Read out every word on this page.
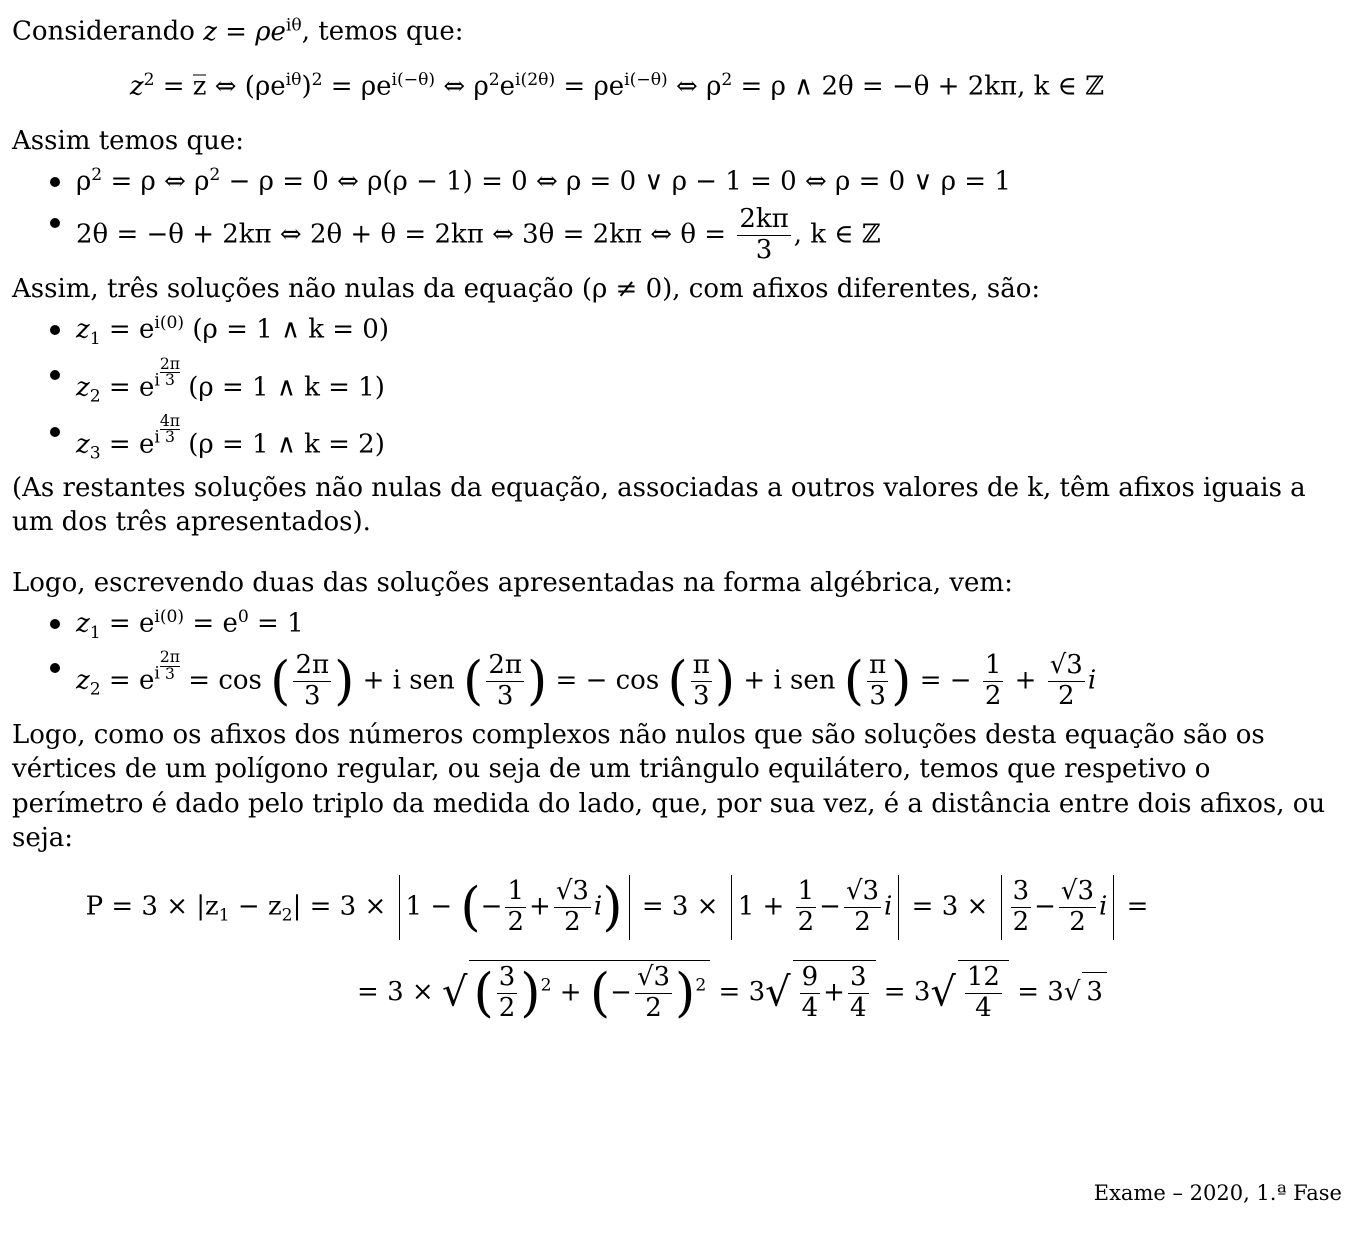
Considerando $z = \rho e^{i\theta}$, temos que:

$z^2$ = z̅ ⇔ $(\rho e^{i\theta})^2 = \rho e^{i(-\theta)}$ ⇔ $\rho^2e^{i(2\theta)} = \rho e^{i(-\theta)}$ ⇔ $\rho^2 = \rho$ ∧ 2θ = −θ + 2kπ, k ∈ ℤ

Assim temos que:

$\rho^2 = \rho$ ⇔ $\rho^2 - \rho = 0$ ⇔ ρ(ρ − 1) = 0 ⇔ ρ = 0 ∨ ρ − 1 = 0 ⇔ ρ = 0 ∨ ρ = 1
2θ = −θ + 2kπ ⇔ 2θ + θ = 2kπ ⇔ 3θ = 2kπ ⇔ $\theta = \frac{2k\pi}{3}$ , k ∈ ℤ

Assim, três soluções não nulas da equação (ρ ≠ 0), com afixos diferentes, são:

$z_1 = e^{i(0)}$ (ρ = 1 ∧ k = 0)
$z_2 = e^i \frac{2\pi}{3} (\rho = 1$ ∧ k = 1)
$z_3 = e^i \frac{4\pi}{3} (\rho = 1$ ∧ k = 2)

(As restantes soluções não nulas da equação, associadas a outros valores de k, têm afixos iguais a um dos três apresentados).

Logo, escrevendo duas das soluções apresentadas na forma algébrica, vem:

$z_1 = e^{i(0)} = e^0 = 1$
$z_2 = e^i \frac{2\pi}{3} = \cos$ ( $\frac{2\pi}{3}$ ) + i sen ( $\frac{2\pi}{3}$ ) = − cos ( $\frac{\pi}{3}$ ) + i sen ( $\frac{\pi}{3}$ ) = − $\frac{1}{2} + \frac{√3}{2}$ i

Logo, como os afixos dos números complexos não nulos que são soluções desta equação são os vértices de um polígono regular, ou seja de um triângulo equilátero, temos que respetivo o perímetro é dado pelo triplo da medida do lado, que, por sua vez, é a distância entre dois afixos, ou seja:

$P = 3 \times |z_1 - z_2| = 3 \times 1$ − (− $\frac{1}{2} + \frac{√3}{2} i) = 3 \times 1 + \frac{1}{2} - \frac{√3}{2}$ $i = 3 \times \frac{3}{2} - \frac{√3}{2}$ i =
= 3 × √ ( $\frac{3}{2} )^2$ + (− $\frac{√3}{2} )^2 = 3√ \frac{9}{4} + \frac{3}{4} = 3√ \frac{12}{4} = 3√$ 3
Exame – 2020, 1.ª Fase
